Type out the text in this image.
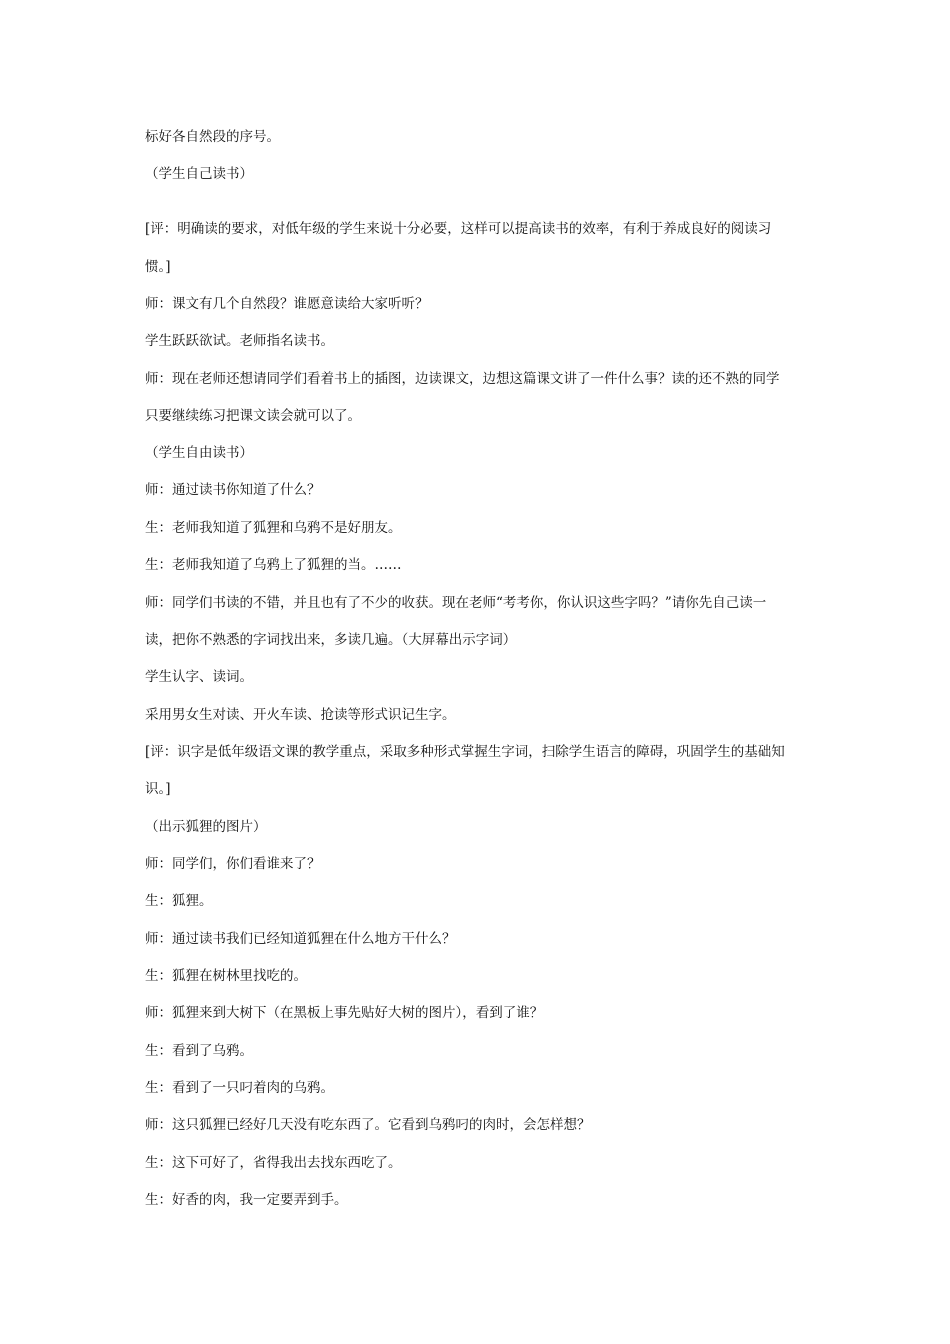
标好各自然段的序号。
（学生自己读书）
[评：明确读的要求，对低年级的学生来说十分必要，这样可以提高读书的效率，有利于养成良好的阅读习
惯。]
师：课文有几个自然段？谁愿意读给大家听听？
学生跃跃欲试。老师指名读书。
师：现在老师还想请同学们看着书上的插图，边读课文，边想这篇课文讲了一件什么事？读的还不熟的同学
只要继续练习把课文读会就可以了。
（学生自由读书）
师：通过读书你知道了什么？
生：老师我知道了狐狸和乌鸦不是好朋友。
生：老师我知道了乌鸦上了狐狸的当。……
师：同学们书读的不错，并且也有了不少的收获。现在老师“考考你，你认识这些字吗？”请你先自己读一
读，把你不熟悉的字词找出来，多读几遍。（大屏幕出示字词）
学生认字、读词。
采用男女生对读、开火车读、抢读等形式识记生字。
[评：识字是低年级语文课的教学重点，采取多种形式掌握生字词，扫除学生语言的障碍，巩固学生的基础知
识。]
（出示狐狸的图片）
师：同学们，你们看谁来了？
生：狐狸。
师：通过读书我们已经知道狐狸在什么地方干什么？
生：狐狸在树林里找吃的。
师：狐狸来到大树下（在黑板上事先贴好大树的图片），看到了谁？
生：看到了乌鸦。
生：看到了一只叼着肉的乌鸦。
师：这只狐狸已经好几天没有吃东西了。它看到乌鸦叼的肉时，会怎样想？
生：这下可好了，省得我出去找东西吃了。
生：好香的肉，我一定要弄到手。
